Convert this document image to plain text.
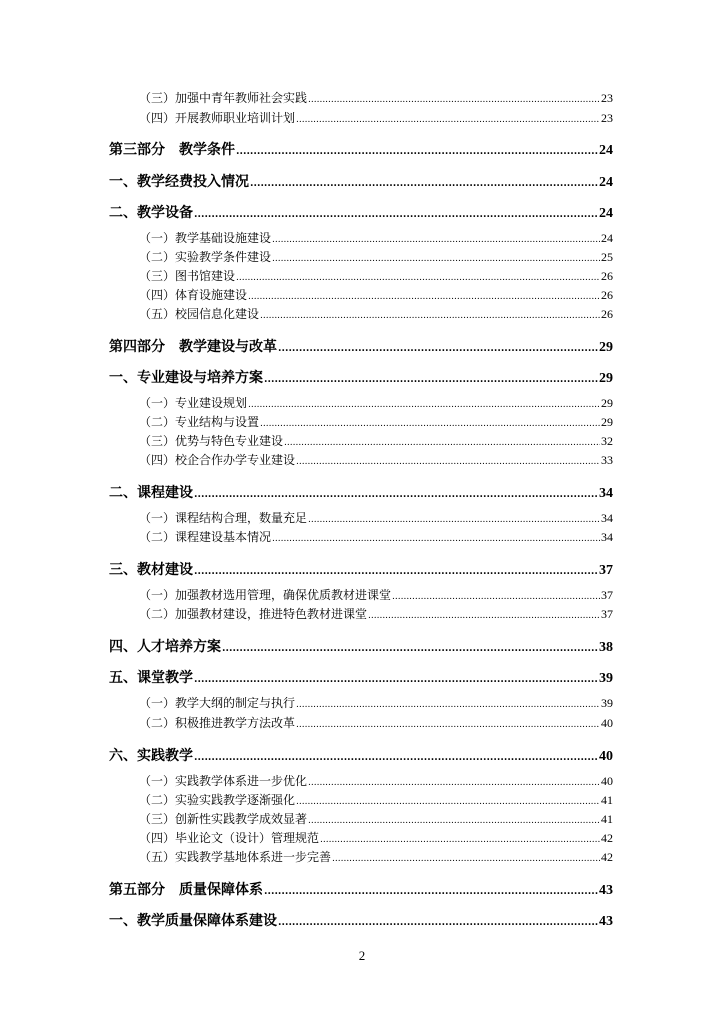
（三）加强中青年教师社会实践 .....	23
（四）开展教师职业培训计划 .....	23
第三部分　教学条件 .....	24
一、教学经费投入情况 .....	24
二、教学设备 .....	24
（一）教学基础设施建设 .....	24
（二）实验教学条件建设 .....	25
（三）图书馆建设 .....	26
（四）体育设施建设 .....	26
（五）校园信息化建设 .....	26
第四部分　教学建设与改革 .....	29
一、专业建设与培养方案 .....	29
（一）专业建设规划 .....	29
（二）专业结构与设置 .....	29
（三）优势与特色专业建设 .....	32
（四）校企合作办学专业建设 .....	33
二、课程建设 .....	34
（一）课程结构合理，数量充足 .....	34
（二）课程建设基本情况 .....	34
三、教材建设 .....	37
（一）加强教材选用管理，确保优质教材进课堂 .....	37
（二）加强教材建设，推进特色教材进课堂 .....	37
四、人才培养方案 .....	38
五、课堂教学 .....	39
（一）教学大纲的制定与执行 .....	39
（二）积极推进教学方法改革 .....	40
六、实践教学 .....	40
（一）实践教学体系进一步优化 .....	40
（二）实验实践教学逐渐强化 .....	41
（三）创新性实践教学成效显著 .....	41
（四）毕业论文（设计）管理规范 .....	42
（五）实践教学基地体系进一步完善 .....	42
第五部分　质量保障体系 .....	43
一、教学质量保障体系建设 .....	43
2
